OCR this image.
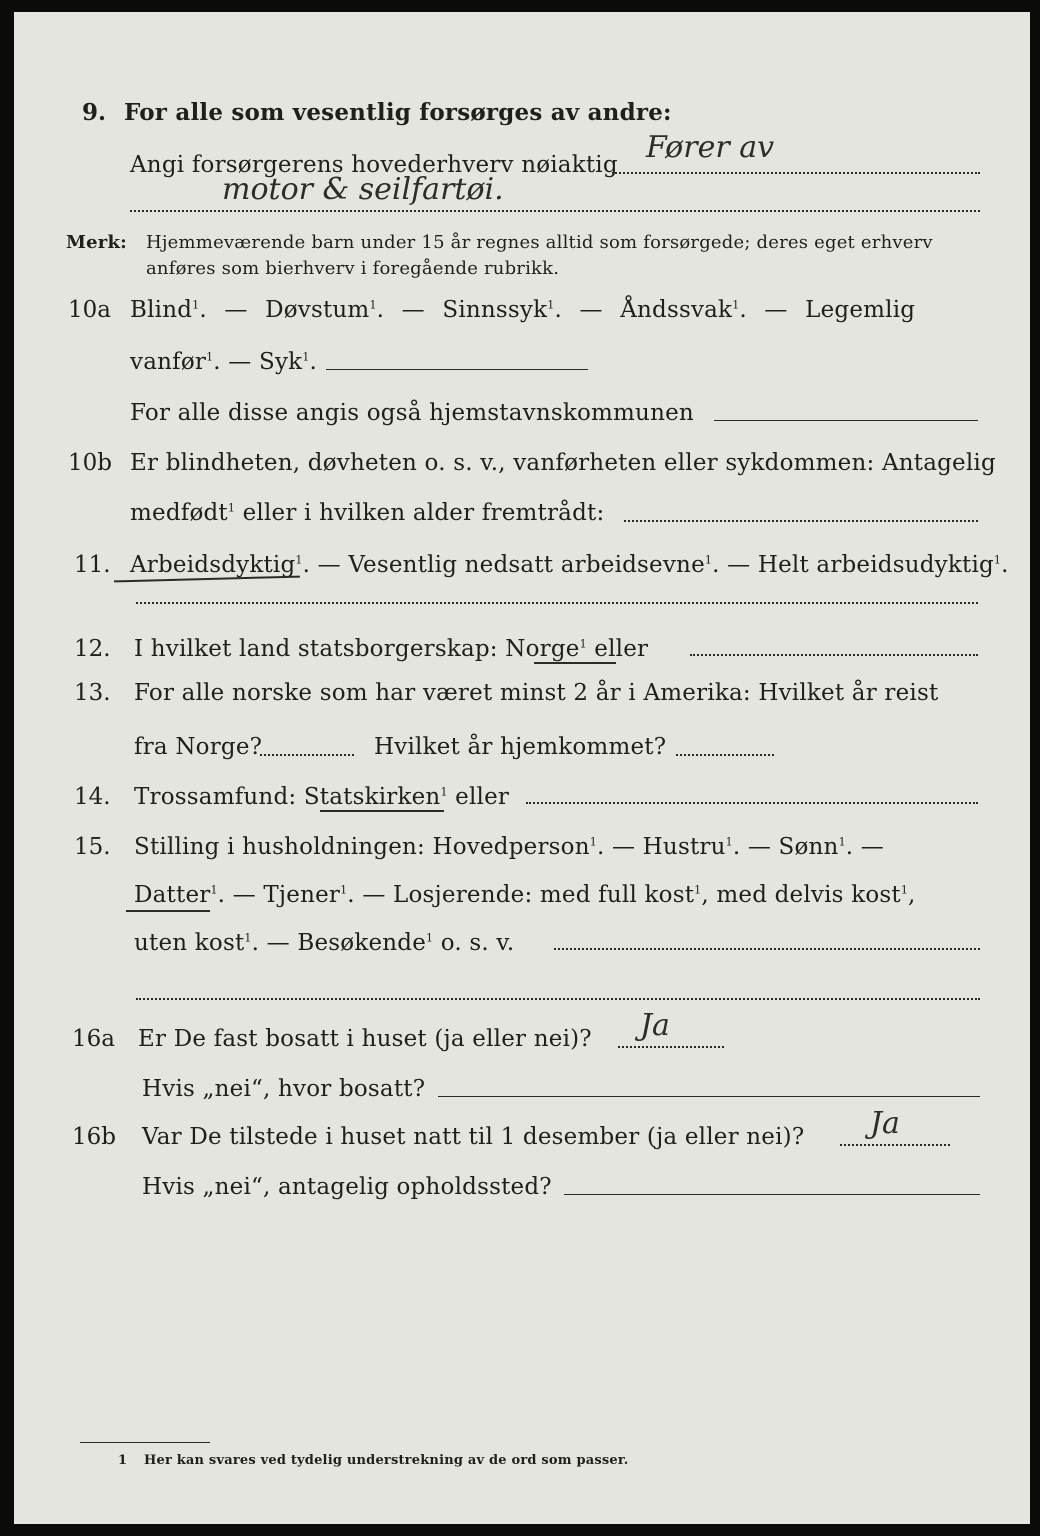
9. For alle som vesentlig forsørges av andre:
Angi forsørgerens hovederhverv nøiaktig Fører av
motor & seilfartøi.
Merk: Hjemmeværende barn under 15 år regnes alltid som forsørgede; deres eget erhverv
anføres som bierhverv i foregående rubrikk.
10a Blind$^1$. — Døvstum$^1$. — Sinnssyk$^1$. — Åndssvak$^1$. — Legemlig
vanfør$^1$. — Syk$^1$.
For alle disse angis også hjemstavnskommunen
10b Er blindheten, døvheten o. s. v., vanførheten eller sykdommen: Antagelig
medfødt$^1$ eller i hvilken alder fremtrådt:
11. Arbeidsdyktig$^1$. — Vesentlig nedsatt arbeidsevne$^1$. — Helt arbeidsudyktig$^1$.
12. I hvilket land statsborgerskap: Norge$^1$ eller
13. For alle norske som har været minst 2 år i Amerika: Hvilket år reist
fra Norge?	Hvilket år hjemkommet?
14. Trossamfund: Statskirken$^1$ eller
15. Stilling i husholdningen: Hovedperson$^1$. — Hustru$^1$. — Sønn$^1$. —
Datter$^1$. — Tjener$^1$. — Losjerende: med full kost$^1$, med delvis kost$^1$,
uten kost$^1$. — Besøkende$^1$ o. s. v.
16a Er De fast bosatt i huset (ja eller nei)? Ja
Hvis „nei“, hvor bosatt?
16b Var De tilstede i huset natt til 1 desember (ja eller nei)? Ja
Hvis „nei“, antagelig opholdssted?
1 Her kan svares ved tydelig understrekning av de ord som passer.
